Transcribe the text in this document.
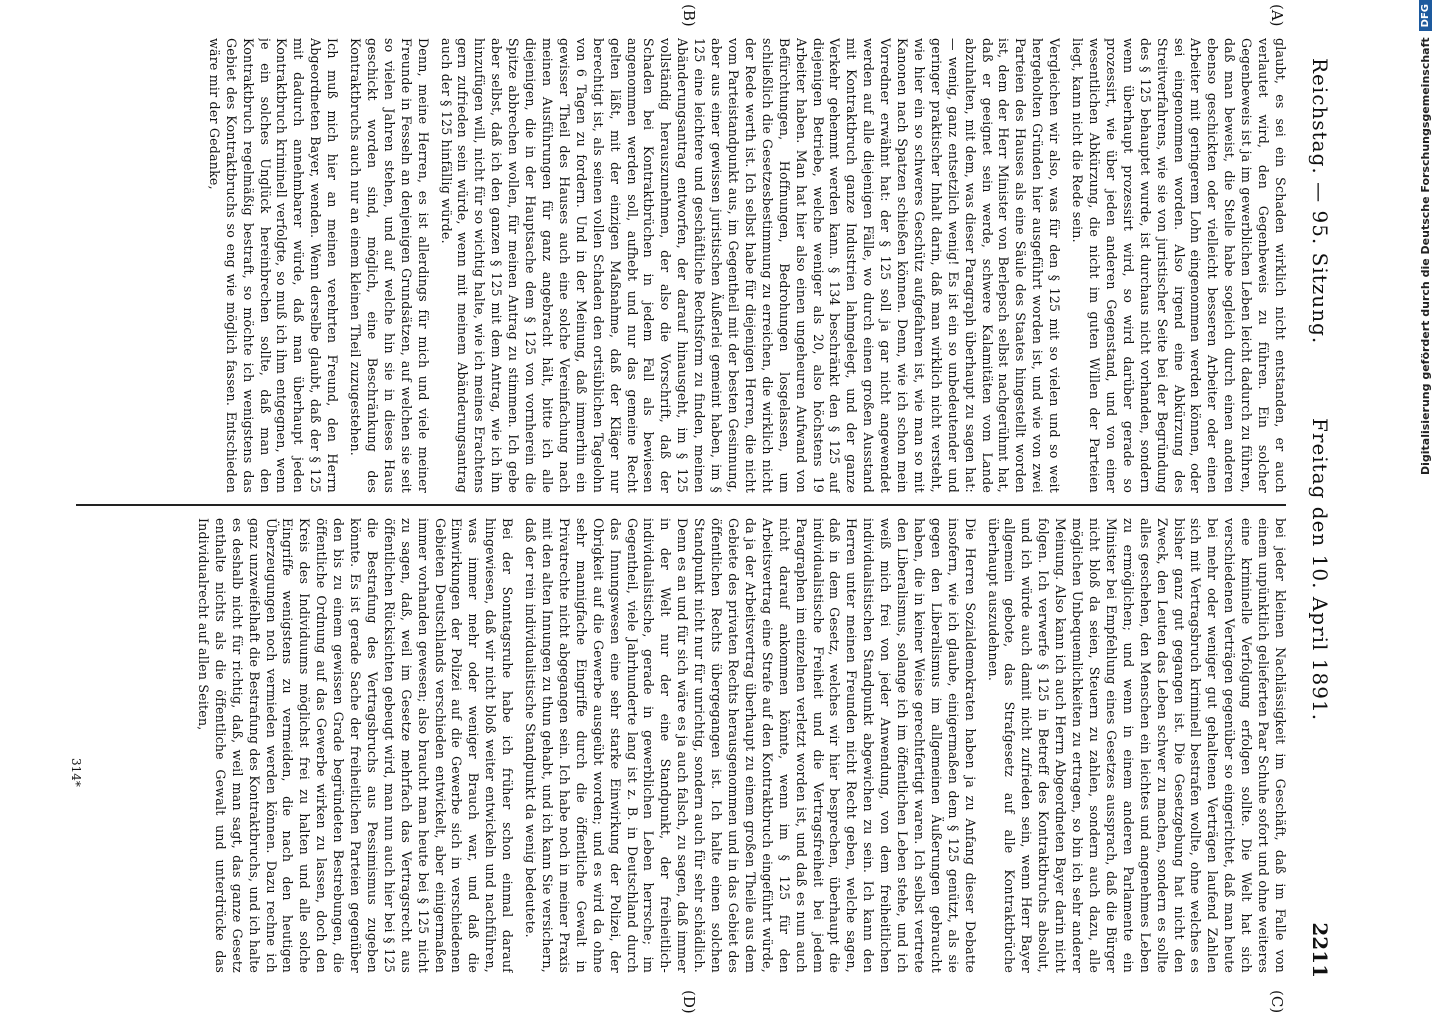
Reichstag. — 95. Sitzung.
Freitag den 10. April 1891.
2211
(A)
(B)
(C)
(D)

glaubt, es sei ein Schaden wirklich nicht entstanden, er auch verlautet wird, den Gegenbeweis zu führen. Ein solcher Gegenbeweis ist ja im gewerblichen Leben leicht dadurch zu führen, daß man beweist, die Stelle habe sogleich durch einen anderen ebenso geschickten oder vielleicht besseren Arbeiter oder einen Arbeiter mit geringerem Lohn eingenommen werden können, oder sei eingenommen worden. Also irgend eine Abkürzung des Streitverfahrens, wie sie von juristischer Seite bei der Begründung des § 125 behauptet wurde, ist durchaus nicht vorhanden, sondern wenn überhaupt prozessirt wird, so wird darüber gerade so prozessirt, wie über jeden anderen Gegenstand, und von einer wesentlichen Abkürzung, die nicht im guten Willen der Parteien liegt, kann nicht die Rede sein.

Vergleichen wir also, was für den § 125 mit so vielen und so weit hergeholten Gründen hier ausgeführt worden ist, und wie von zwei Parteien des Hauses als eine Säule des Staates hingestellt worden ist, dem der Herr Minister von Berlepsch selbst nachgerühmt hat, daß er geeignet sein werde, schwere Kalamitäten vom Lande abzuhalten, mit dem, was dieser Paragraph überhaupt zu sagen hat: — wenig, ganz entsetzlich wenig! Es ist ein so unbedeutender und geringer praktischer Inhalt darin, daß man wirklich nicht versteht, wie hier ein so schweres Geschütz aufgefahren ist, wie man so mit Kanonen nach Spatzen schießen können. Denn, wie ich schon mein Vorredner erwähnt hat: der § 125 soll ja gar nicht angewendet werden auf alle diejenigen Fälle, wo durch einen großen Ausstand mit Kontraktbruch ganze Industrien lahmgelegt, und der ganze Verkehr gehemmt werden kann. § 134 beschränkt den § 125 auf diejenigen Betriebe, welche weniger als 20, also höchstens 19 Arbeiter haben. Man hat hier also einen ungeheuren Aufwand von Befürchtungen, Hoffnungen, Bedrohungen losgelassen, um schließlich die Gesetzesbestimmung zu erreichen, die wirklich nicht der Rede werth ist. Ich selbst habe für diejenigen Herren, die nicht vom Parteistandpunkt aus, im Gegentheil mit der besten Gesinnung, aber aus einer gewissen juristischen Äußerlei gemeint haben, im § 125 eine leichtere und geschäftliche Rechtsform zu finden, meinen Abänderungsantrag entworfen, der darauf hinausgeht, im § 125 vollständig herauszunehmen, der also die Vorschrift, daß der Schaden bei Kontraktbrüchen in jedem Fall als bewiesen angenommen werden soll, aufhebt und nur das gemeine Recht gelten läßt, mit der einzigen Maßnahme, daß der Kläger nur berechtigt ist, als seinen vollen Schaden den ortsüblichen Tagelohn von 6 Tagen zu fordern. Und in der Meinung, daß immerhin ein gewisser Theil des Hauses auch eine solche Vereinfachung nach meinen Ausführungen für ganz angebracht hält, bitte ich alle diejenigen, die in der Hauptsache dem § 125 von vornherein die Spitze abbrechen wollen, für meinen Antrag zu stimmen. Ich gebe aber selbst, daß ich den ganzen § 125 mit dem Antrag, wie ich ihn hinzufügen will, nicht für so wichtig halte, wie ich meines Erachtens gern zufrieden sein würde, wenn mit meinem Abänderungsantrag auch der § 125 hinfällig würde.

Denn, meine Herren, es ist allerdings für mich und viele meiner Freunde in Fesseln an denjenigen Grundsätzen, auf welchen sie seit so vielen Jahren stehen, und auf welche hin sie in dieses Haus geschickt worden sind, möglich, eine Beschränkung des Kontraktbruchs auch nur an einem kleinen Theil zuzugestehen.

Ich muß mich hier an meinen verehrten Freund, den Herrn Abgeordneten Bayer, wenden. Wenn derselbe glaubt, daß der § 125 mit dadurch annehmbarer würde, daß man überhaupt jeden Kontraktbruch kriminell verfolgte, so muß ich ihm entgegnen, wenn je ein solches Unglück hereinbrechen sollte, daß man den Kontraktbruch regelmäßig bestraft, so möchte ich wenigstens das Gebiet des Kontraktbruchs so eng wie möglich fassen. Entschieden wäre mir der Gedanke,

bei jeder kleinen Nachlässigkeit im Geschäft, daß im Falle von einem unpünktlich gelieferten Paar Schuhe sofort und ohne weiteres eine kriminelle Verfolgung erfolgen sollte. Die Welt hat sich verschiedenen Verträgen gegenüber so eingerichtet, daß man heute bei mehr oder weniger gut gehaltenen Verträgen laufend Zahlen sich mit Vertragsbruch kriminell bestrafen wollte, ohne welches es bisher ganz gut gegangen ist. Die Gesetzgebung hat nicht den Zweck, den Leuten das Leben schwer zu machen, sondern es sollte alles geschehen, den Menschen ein leichtes und angenehmes Leben zu ermöglichen; und wenn in einem anderen Parlamente ein Minister bei Empfehlung eines Gesetzes aussprach, daß die Bürger nicht bloß da seien, Steuern zu zahlen, sondern auch dazu, alle möglichen Unbequemlichkeiten zu ertragen, so bin ich sehr anderer Meinung. Also kann ich auch Herrn Abgeordneten Bayer darin nicht folgen. Ich verwerfe § 125 in Betreff des Kontraktbruchs absolut, und ich würde auch damit nicht zufrieden sein, wenn Herr Bayer allgemein gebote, das Strafgesetz auf alle Kontraktbrüche überhaupt auszudehnen.

Die Herren Sozialdemokraten haben ja zu Anfang dieser Debatte insofern, wie ich glaube, einigermaßen dem § 125 genützt, als sie gegen den Liberalismus im allgemeinen Äußerungen gebraucht haben, die in keiner Weise gerechtfertigt waren. Ich selbst vertrete den Liberalismus, solange ich im öffentlichen Leben stehe, und ich weiß mich frei von jeder Anwendung, von dem freiheitlichen individualistischen Standpunkt abgewichen zu sein. Ich kann den Herren unter meinen Freunden nicht Recht geben, welche sagen, daß in dem Gesetz, welches wir hier besprechen, überhaupt die individualistische Freiheit und die Vertragsfreiheit bei jedem Paragraphen im einzelnen verletzt worden ist, und daß es nun auch nicht darauf ankommen könnte, wenn im § 125 für den Arbeitsvertrag eine Strafe auf den Kontraktbruch eingeführt würde, da ja der Arbeitsvertrag überhaupt zu einem großen Theile aus dem Gebiete des privaten Rechts herausgenommen und in das Gebiet des öffentlichen Rechts übergegangen ist. Ich halte einen solchen Standpunkt nicht nur für unrichtig, sondern auch für sehr schädlich. Denn es an und für sich wäre es ja auch falsch, zu sagen, daß immer in der Welt nur der eine Standpunkt, der freiheitlich-individualistische, gerade in gewerblichen Leben herrsche; im Gegentheil, viele Jahrhunderte lang ist z. B. in Deutschland durch das Innungswesen eine sehr starke Einwirkung der Polizei, der Obrigkeit auf die Gewerbe ausgeübt worden; und es wird da ohne sehr mannigfache Eingriffe durch die öffentliche Gewalt in Privatrechte nicht abgegangen sein. Ich habe noch in meiner Praxis mit den alten Innungen zu thun gehabt, und ich kann Sie versichern, daß der rein individualistische Standpunkt da wenig bedeutete.

Bei der Sonntagsruhe habe ich früher schon einmal darauf hingewiesen, daß wir nicht bloß weiter entwickeln und nachführen, was immer mehr oder weniger Brauch war, und daß die Einwirkungen der Polizei auf die Gewerbe sich in verschiedenen Gebieten Deutschlands verschieden entwickelt, aber einigermaßen immer vorhanden gewesen; also braucht man heute bei § 125 nicht zu sagen, daß, weil im Gesetze mehrfach das Vertragsrecht aus öffentlichen Rücksichten gebeugt wird, man nun auch hier bei § 125 die Bestrafung des Vertragsbruchs aus Pessimismus zugeben könnte. Es ist gerade Sache der freiheitlichen Parteien gegenüber den bis zu einem gewissen Grade begründeten Bestrebungen, die öffentliche Ordnung auf das Gewerbe wirken zu lassen, doch den Kreis des Individuums möglichst frei zu halten und alle solche Eingriffe wenigstens zu vermeiden, die nach den heutigen Überzeugungen noch vermieden werden können. Dazu rechne ich ganz unzweifelhaft die Bestrafung des Kontraktbruchs, und ich halte es deshalb nicht für richtig, daß, weil man sagt, das ganze Gesetz enthalte nichts als die öffentliche Gewalt und unterdrücke das Individualrecht auf allen Seiten,

314*
Digitalisierung gefördert durch die Deutsche Forschungsgemeinschaft
DFG
